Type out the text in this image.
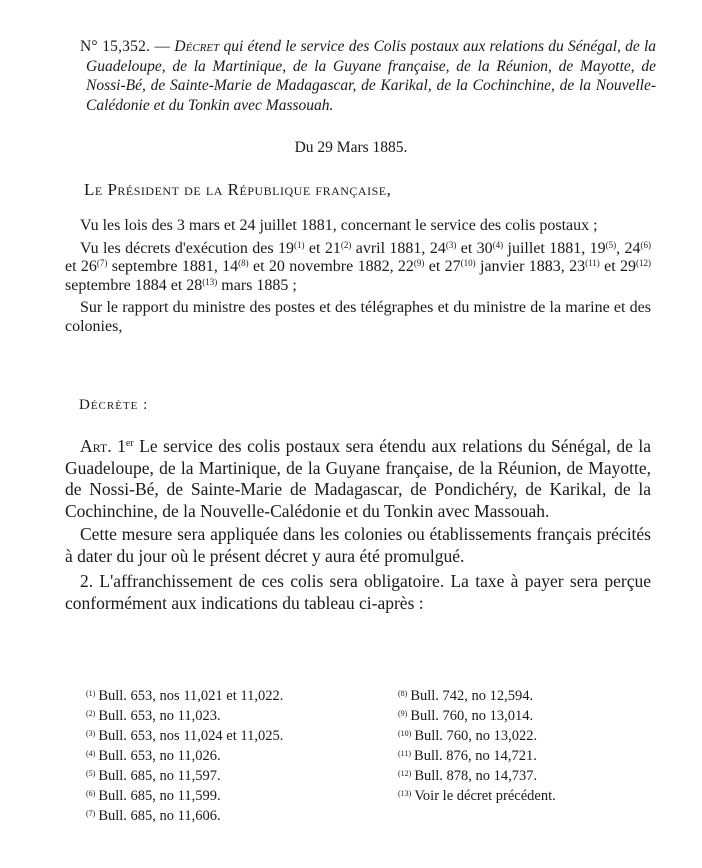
N° 15,352. — Décret qui étend le service des Colis postaux aux relations du Sénégal, de la Guadeloupe, de la Martinique, de la Guyane française, de la Réunion, de Mayotte, de Nossi-Bé, de Sainte-Marie de Madagascar, de Karikal, de la Cochinchine, de la Nouvelle-Calédonie et du Tonkin avec Massouah.
Du 29 Mars 1885.
Le Président de la République française,

Vu les lois des 3 mars et 24 juillet 1881, concernant le service des colis postaux ;

Vu les décrets d'exécution des 19$^{(1)}$ et 21$^{(2)}$ avril 1881, 24$^{(3)}$ et 30$^{(4)}$ juillet 1881, 19$^{(5)}$, 24$^{(6)}$ et 26$^{(7)}$ septembre 1881, 14$^{(8)}$ et 20 novembre 1882, 22$^{(9)}$ et 27$^{(10)}$ janvier 1883, 23$^{(11)}$ et 29$^{(12)}$ septembre 1884 et 28$^{(13)}$ mars 1885 ;

Sur le rapport du ministre des postes et des télégraphes et du ministre de la marine et des colonies,

Décrète :

Art. 1er Le service des colis postaux sera étendu aux relations du Sénégal, de la Guadeloupe, de la Martinique, de la Guyane française, de la Réunion, de Mayotte, de Nossi-Bé, de Sainte-Marie de Madagascar, de Pondichéry, de Karikal, de la Cochinchine, de la Nouvelle-Calédonie et du Tonkin avec Massouah.

Cette mesure sera appliquée dans les colonies ou établissements français précités à dater du jour où le présent décret y aura été promulgué.

2. L'affranchissement de ces colis sera obligatoire. La taxe à payer sera perçue conformément aux indications du tableau ci-après :

$^{(1)}$ Bull. 653, nos 11,021 et 11,022.
$^{(2)}$ Bull. 653, no 11,023.
$^{(3)}$ Bull. 653, nos 11,024 et 11,025.
$^{(4)}$ Bull. 653, no 11,026.
$^{(5)}$ Bull. 685, no 11,597.
$^{(6)}$ Bull. 685, no 11,599.
$^{(7)}$ Bull. 685, no 11,606.
$^{(8)}$ Bull. 742, no 12,594.
$^{(9)}$ Bull. 760, no 13,014.
$^{(10)}$ Bull. 760, no 13,022.
$^{(11)}$ Bull. 876, no 14,721.
$^{(12)}$ Bull. 878, no 14,737.
$^{(13)}$ Voir le décret précédent.
